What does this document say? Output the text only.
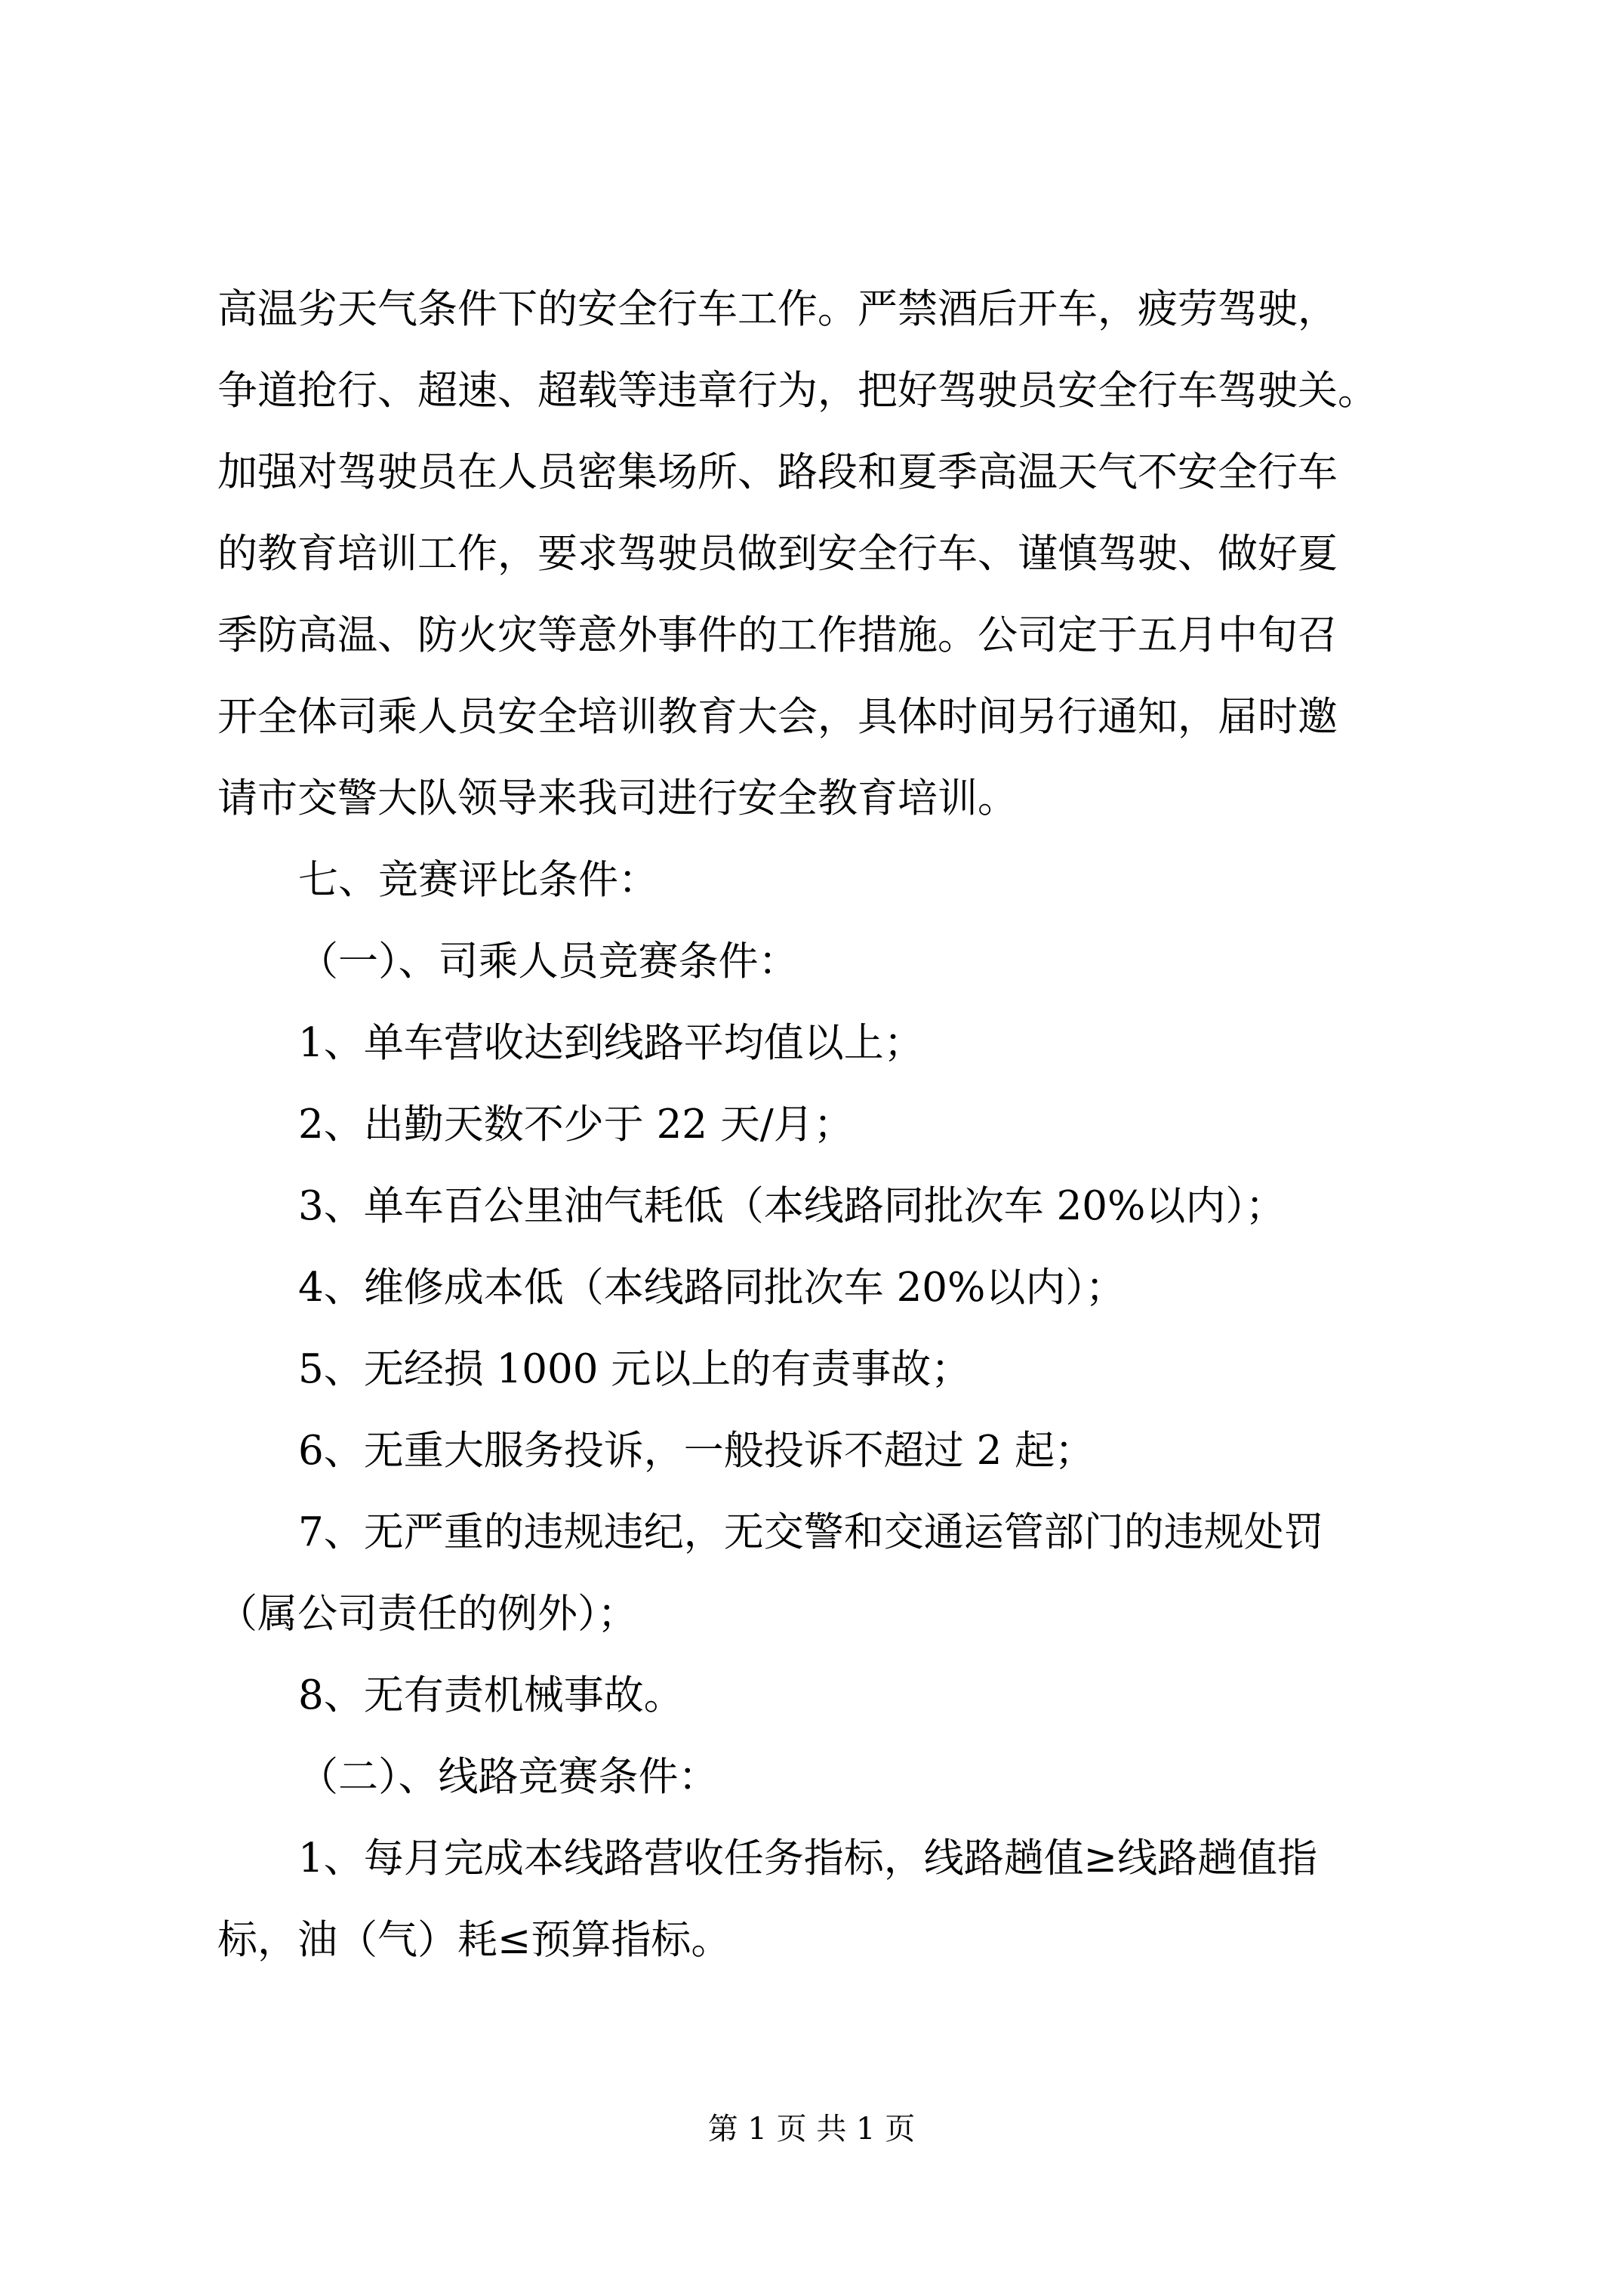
高温劣天气条件下的安全行车工作。严禁酒后开车，疲劳驾驶，
争道抢行、超速、超载等违章行为，把好驾驶员安全行车驾驶关。
加强对驾驶员在人员密集场所、路段和夏季高温天气不安全行车
的教育培训工作，要求驾驶员做到安全行车、谨慎驾驶、做好夏
季防高温、防火灾等意外事件的工作措施。公司定于五月中旬召
开全体司乘人员安全培训教育大会，具体时间另行通知，届时邀
请市交警大队领导来我司进行安全教育培训。
七、竞赛评比条件：
（一）、司乘人员竞赛条件：
1、单车营收达到线路平均值以上；
2、出勤天数不少于 22 天/月；
3、单车百公里油气耗低（本线路同批次车 20%以内）；
4、维修成本低（本线路同批次车 20%以内）；
5、无经损 1000 元以上的有责事故；
6、无重大服务投诉，一般投诉不超过 2 起；
7、无严重的违规违纪，无交警和交通运管部门的违规处罚
（属公司责任的例外）；
8、无有责机械事故。
（二）、线路竞赛条件：
1、每月完成本线路营收任务指标，线路趟值≥线路趟值指
标，油（气）耗≤预算指标。
第 1 页 共 1 页
